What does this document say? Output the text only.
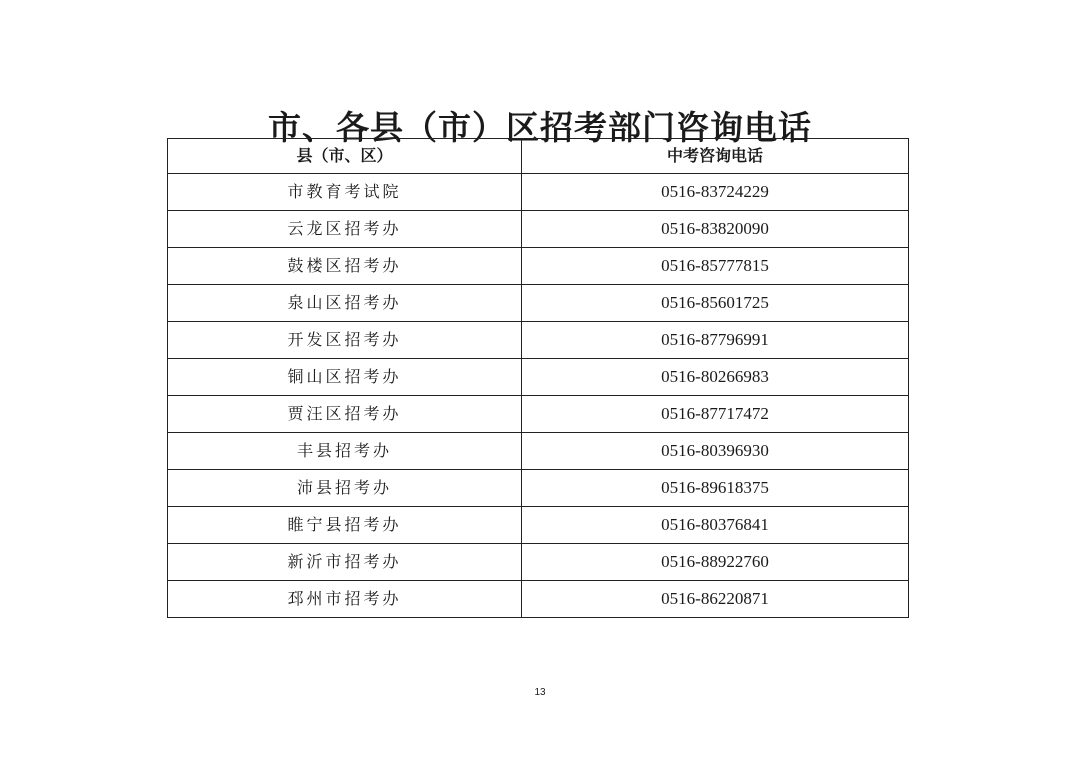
市、各县（市）区招考部门咨询电话
县（市、区）	中考咨询电话
市教育考试院	0516-83724229
云龙区招考办	0516-83820090
鼓楼区招考办	0516-85777815
泉山区招考办	0516-85601725
开发区招考办	0516-87796991
铜山区招考办	0516-80266983
贾汪区招考办	0516-87717472
丰县招考办	0516-80396930
沛县招考办	0516-89618375
睢宁县招考办	0516-80376841
新沂市招考办	0516-88922760
邳州市招考办	0516-86220871
13
